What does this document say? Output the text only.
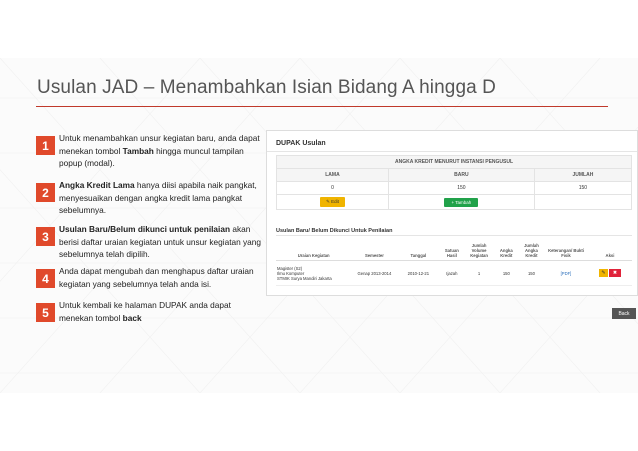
Usulan JAD – Menambahkan Isian Bidang A hingga D
1
Untuk menambahkan unsur kegiatan baru, anda dapat menekan tombol Tambah hingga muncul tampilan popup (modal).
2
Angka Kredit Lama hanya diisi apabila naik pangkat, menyesuaikan dengan angka kredit lama pangkat sebelumnya.
3
Usulan Baru/Belum dikunci untuk penilaian akan berisi daftar uraian kegiatan untuk unsur kegiatan yang sebelumnya telah dipilih.
4
Anda dapat mengubah dan menghapus daftar uraian kegiatan yang sebelumnya telah anda isi.
5
Untuk kembali ke halaman DUPAK anda dapat menekan tombol back
DUPAK Usulan
ANGKA KREDIT MENURUT INSTANSI PENGUSUL		
LAMA	BARU	JUMLAH
0	150	150
✎ Edit	+ Tambah	
Usulan Baru/ Belum Dikunci Untuk Penilaian
Uraian Kegiatan	Semester	Tanggal	Satuan Hasil	Jumlah Volume Kegiatan	Angka Kredit	Jumlah Angka Kredit	Keterangan/ Bukti Fisik	Aksi

Magister (S2)
Ilmu Komputer
STMIK Surya Mandiri Jakarta	Genap 2013-2014	2010-12-21	Ijazah	1	150	150	[PDF]	✎ ✖
Back
